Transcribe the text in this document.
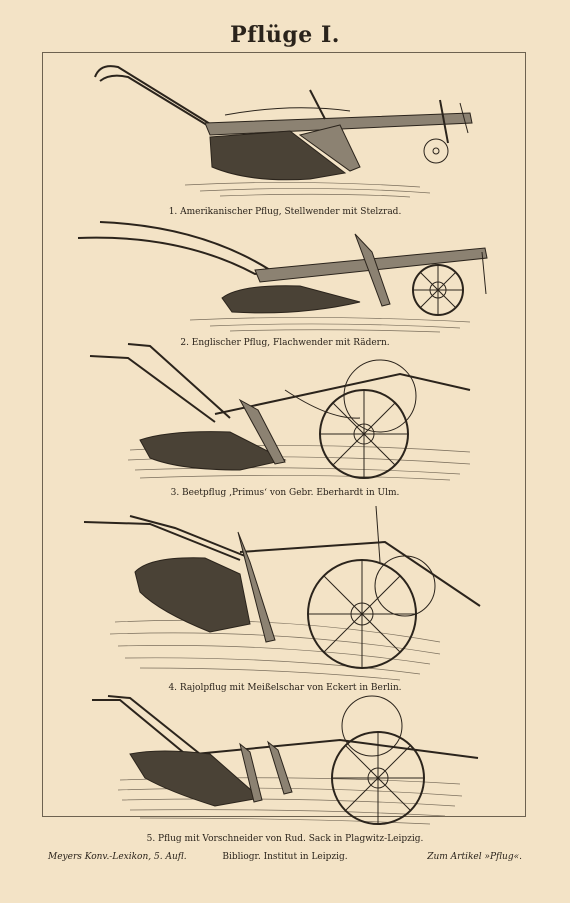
Pflüge I.
1. Amerikanischer Pflug, Stellwender mit Stelzrad.
2. Englischer Pflug, Flachwender mit Rädern.
3. Beetpflug ‚Primus‘ von Gebr. Eberhardt in Ulm.
4. Rajolpflug mit Meißelschar von Eckert in Berlin.
5. Pflug mit Vorschneider von Rud. Sack in Plagwitz-Leipzig.
Meyers Konv.-Lexikon, 5. Aufl.	Bibliogr. Institut in Leipzig.	Zum Artikel »Pflug«.
